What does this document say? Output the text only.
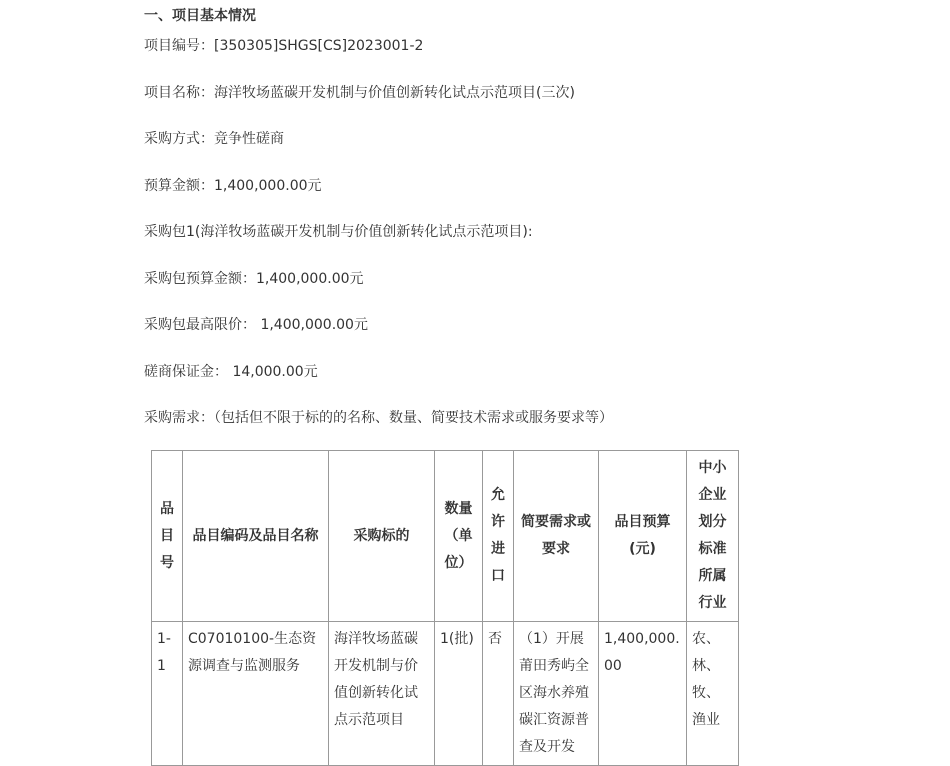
一、项目基本情况
项目编号：[350305]SHGS[CS]2023001-2
项目名称：海洋牧场蓝碳开发机制与价值创新转化试点示范项目(三次)
采购方式：竞争性磋商
预算金额：1,400,000.00元
采购包1(海洋牧场蓝碳开发机制与价值创新转化试点示范项目):
采购包预算金额：1,400,000.00元
采购包最高限价： 1,400,000.00元
磋商保证金： 14,000.00元
采购需求：（包括但不限于标的的名称、数量、简要技术需求或服务要求等）
品目号	品目编码及品目名称	采购标的	数量（单位）	允许进口	简要需求或要求	品目预算(元)	中小企业划分标准所属行业
1-1	C07010100-生态资源调查与监测服务	海洋牧场蓝碳开发机制与价值创新转化试点示范项目	1(批)	否	（1）开展莆田秀屿全区海水养殖碳汇资源普查及开发	1,400,000.00	农、林、牧、渔业
